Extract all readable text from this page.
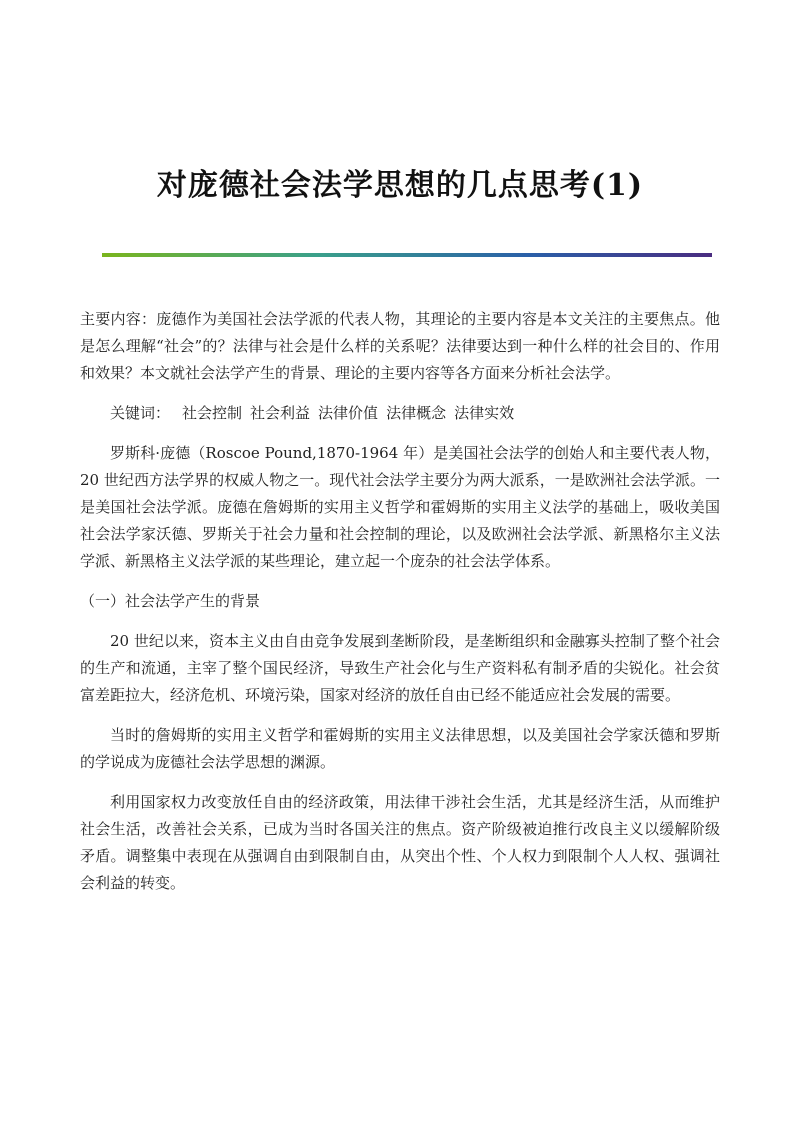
对庞德社会法学思想的几点思考(1)

主要内容：庞德作为美国社会法学派的代表人物，其理论的主要内容是本文关注的主要焦点。他是怎么理解“社会”的？法律与社会是什么样的关系呢？法律要达到一种什么样的社会目的、作用和效果？本文就社会法学产生的背景、理论的主要内容等各方面来分析社会法学。

关键词： 社会控制 社会利益 法律价值 法律概念 法律实效

罗斯科·庞德（Roscoe Pound,1870-1964 年）是美国社会法学的创始人和主要代表人物，20 世纪西方法学界的权威人物之一。现代社会法学主要分为两大派系，一是欧洲社会法学派。一是美国社会法学派。庞德在詹姆斯的实用主义哲学和霍姆斯的实用主义法学的基础上，吸收美国社会法学家沃德、罗斯关于社会力量和社会控制的理论，以及欧洲社会法学派、新黑格尔主义法学派、新黑格主义法学派的某些理论，建立起一个庞杂的社会法学体系。

（一）社会法学产生的背景

20 世纪以来，资本主义由自由竞争发展到垄断阶段，是垄断组织和金融寡头控制了整个社会的生产和流通，主宰了整个国民经济，导致生产社会化与生产资料私有制矛盾的尖锐化。社会贫富差距拉大，经济危机、环境污染，国家对经济的放任自由已经不能适应社会发展的需要。

当时的詹姆斯的实用主义哲学和霍姆斯的实用主义法律思想，以及美国社会学家沃德和罗斯的学说成为庞德社会法学思想的渊源。

利用国家权力改变放任自由的经济政策，用法律干涉社会生活，尤其是经济生活，从而维护社会生活，改善社会关系，已成为当时各国关注的焦点。资产阶级被迫推行改良主义以缓解阶级矛盾。调整集中表现在从强调自由到限制自由，从突出个性、个人权力到限制个人人权、强调社会利益的转变。
